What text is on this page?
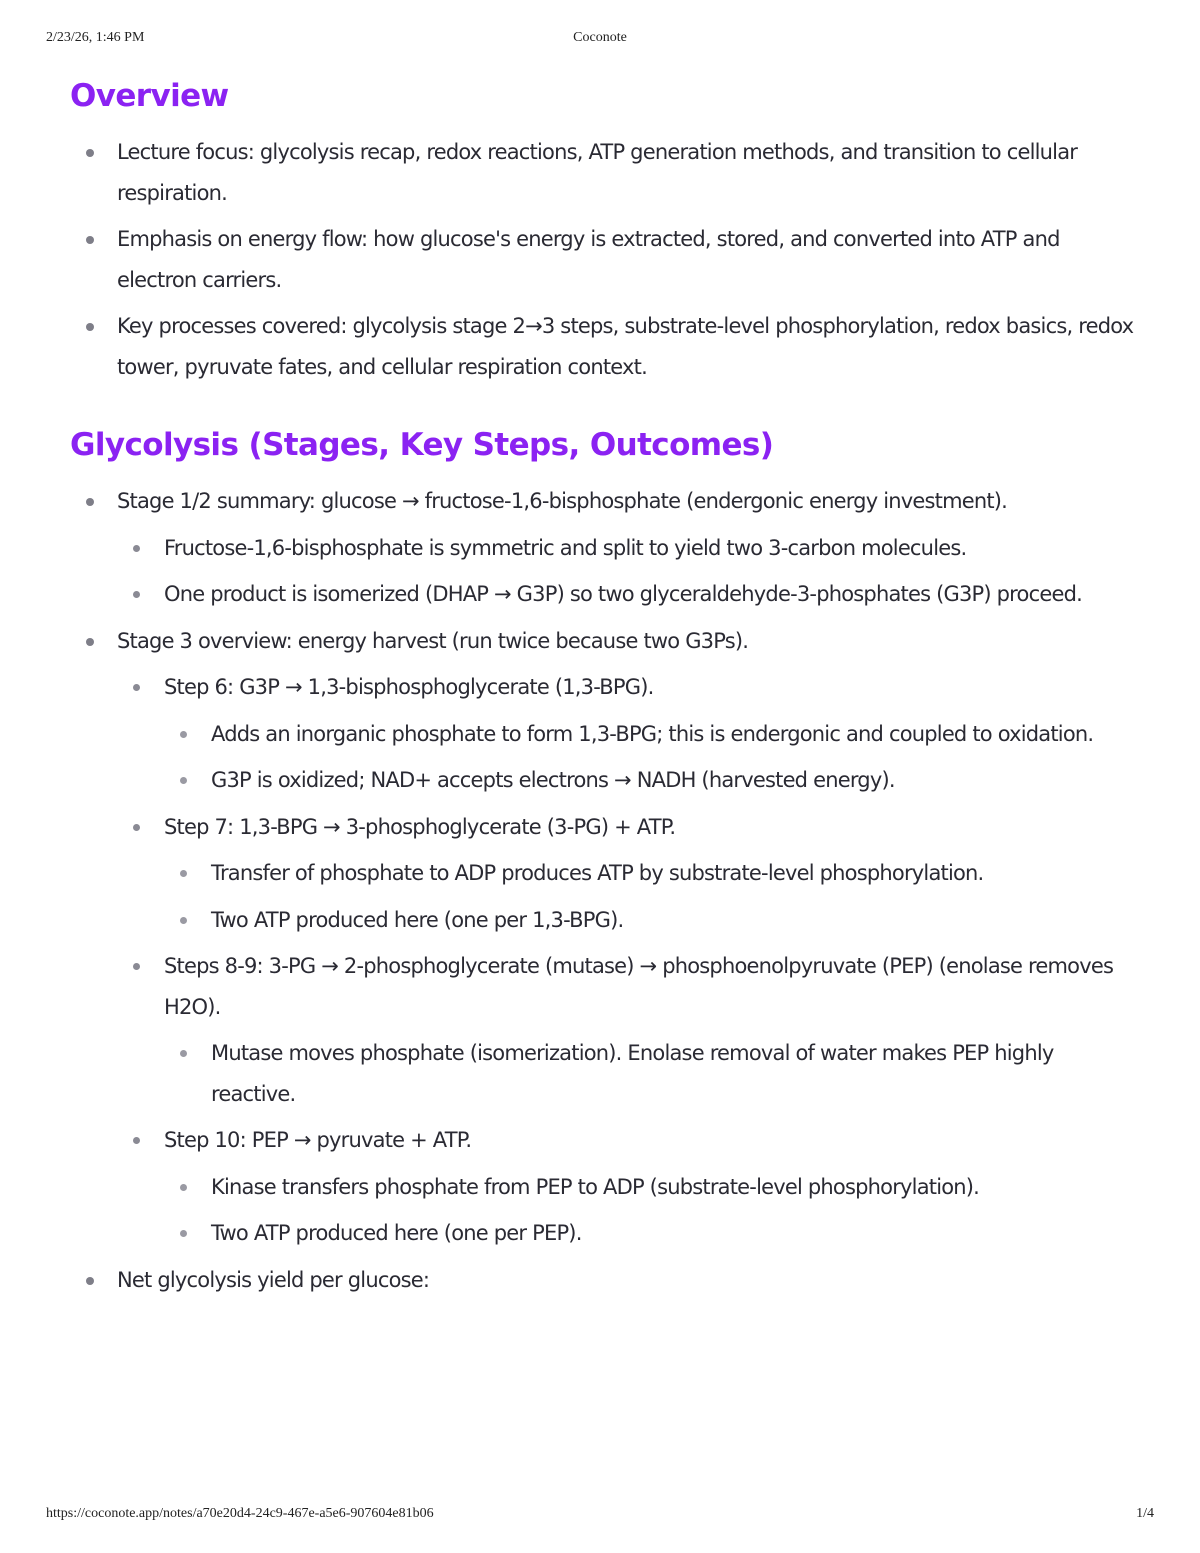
2/23/26, 1:46 PM	Coconote
Overview
Lecture focus: glycolysis recap, redox reactions, ATP generation methods, and transition to cellular respiration.
Emphasis on energy flow: how glucose's energy is extracted, stored, and converted into ATP and electron carriers.
Key processes covered: glycolysis stage 2→3 steps, substrate-level phosphorylation, redox basics, redox tower, pyruvate fates, and cellular respiration context.
Glycolysis (Stages, Key Steps, Outcomes)
Stage 1/2 summary: glucose → fructose-1,6-bisphosphate (endergonic energy investment).
Fructose-1,6-bisphosphate is symmetric and split to yield two 3-carbon molecules.
One product is isomerized (DHAP → G3P) so two glyceraldehyde-3-phosphates (G3P) proceed.
Stage 3 overview: energy harvest (run twice because two G3Ps).
Step 6: G3P → 1,3-bisphosphoglycerate (1,3-BPG).
Adds an inorganic phosphate to form 1,3-BPG; this is endergonic and coupled to oxidation.
G3P is oxidized; NAD+ accepts electrons → NADH (harvested energy).
Step 7: 1,3-BPG → 3-phosphoglycerate (3-PG) + ATP.
Transfer of phosphate to ADP produces ATP by substrate-level phosphorylation.
Two ATP produced here (one per 1,3-BPG).
Steps 8-9: 3-PG → 2-phosphoglycerate (mutase) → phosphoenolpyruvate (PEP) (enolase removes H2O).
Mutase moves phosphate (isomerization). Enolase removal of water makes PEP highly reactive.
Step 10: PEP → pyruvate + ATP.
Kinase transfers phosphate from PEP to ADP (substrate-level phosphorylation).
Two ATP produced here (one per PEP).
Net glycolysis yield per glucose:
https://coconote.app/notes/a70e20d4-24c9-467e-a5e6-907604e81b06	1/4
